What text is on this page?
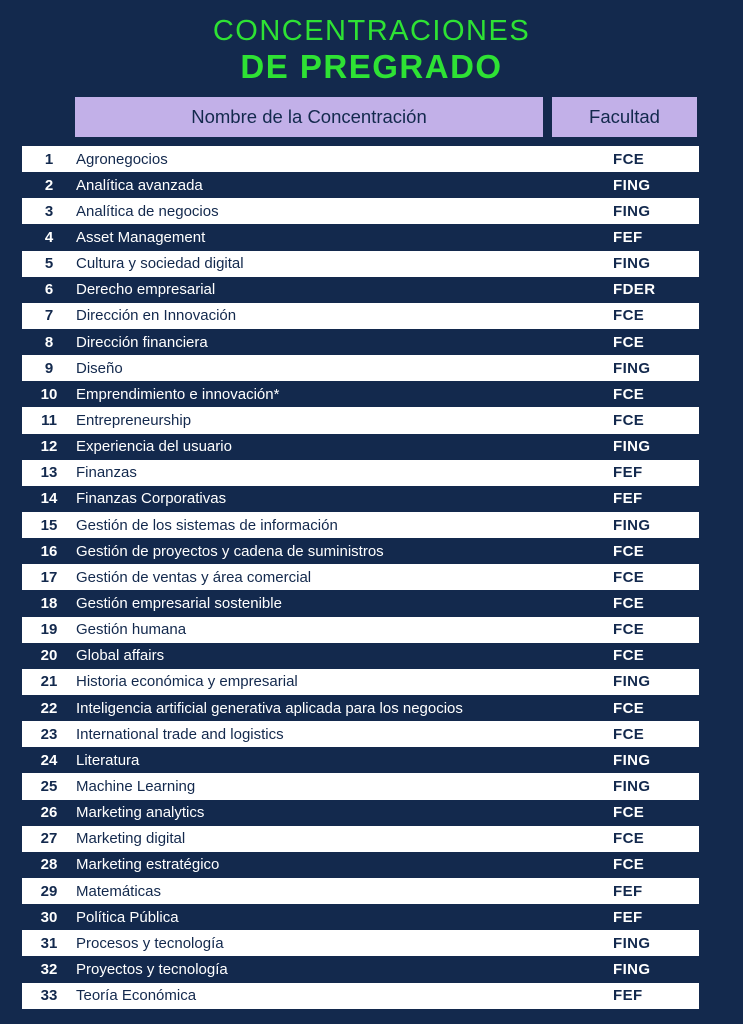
CONCENTRACIONES
DE PREGRADO
Nombre de la Concentración	Facultad
1	Agronegocios	FCE
2	Analítica avanzada	FING
3	Analítica de negocios	FING
4	Asset Management	FEF
5	Cultura y sociedad digital	FING
6	Derecho empresarial	FDER
7	Dirección en Innovación	FCE
8	Dirección financiera	FCE
9	Diseño	FING
10	Emprendimiento e innovación*	FCE
11	Entrepreneurship	FCE
12	Experiencia del usuario	FING
13	Finanzas	FEF
14	Finanzas Corporativas	FEF
15	Gestión de los sistemas de información	FING
16	Gestión de proyectos y cadena de suministros	FCE
17	Gestión de ventas y área comercial	FCE
18	Gestión empresarial sostenible	FCE
19	Gestión humana	FCE
20	Global affairs	FCE
21	Historia económica y empresarial	FING
22	Inteligencia artificial generativa aplicada para los negocios	FCE
23	International trade and logistics	FCE
24	Literatura	FING
25	Machine Learning	FING
26	Marketing analytics	FCE
27	Marketing digital	FCE
28	Marketing estratégico	FCE
29	Matemáticas	FEF
30	Política Pública	FEF
31	Procesos y tecnología	FING
32	Proyectos y tecnología	FING
33	Teoría Económica	FEF
